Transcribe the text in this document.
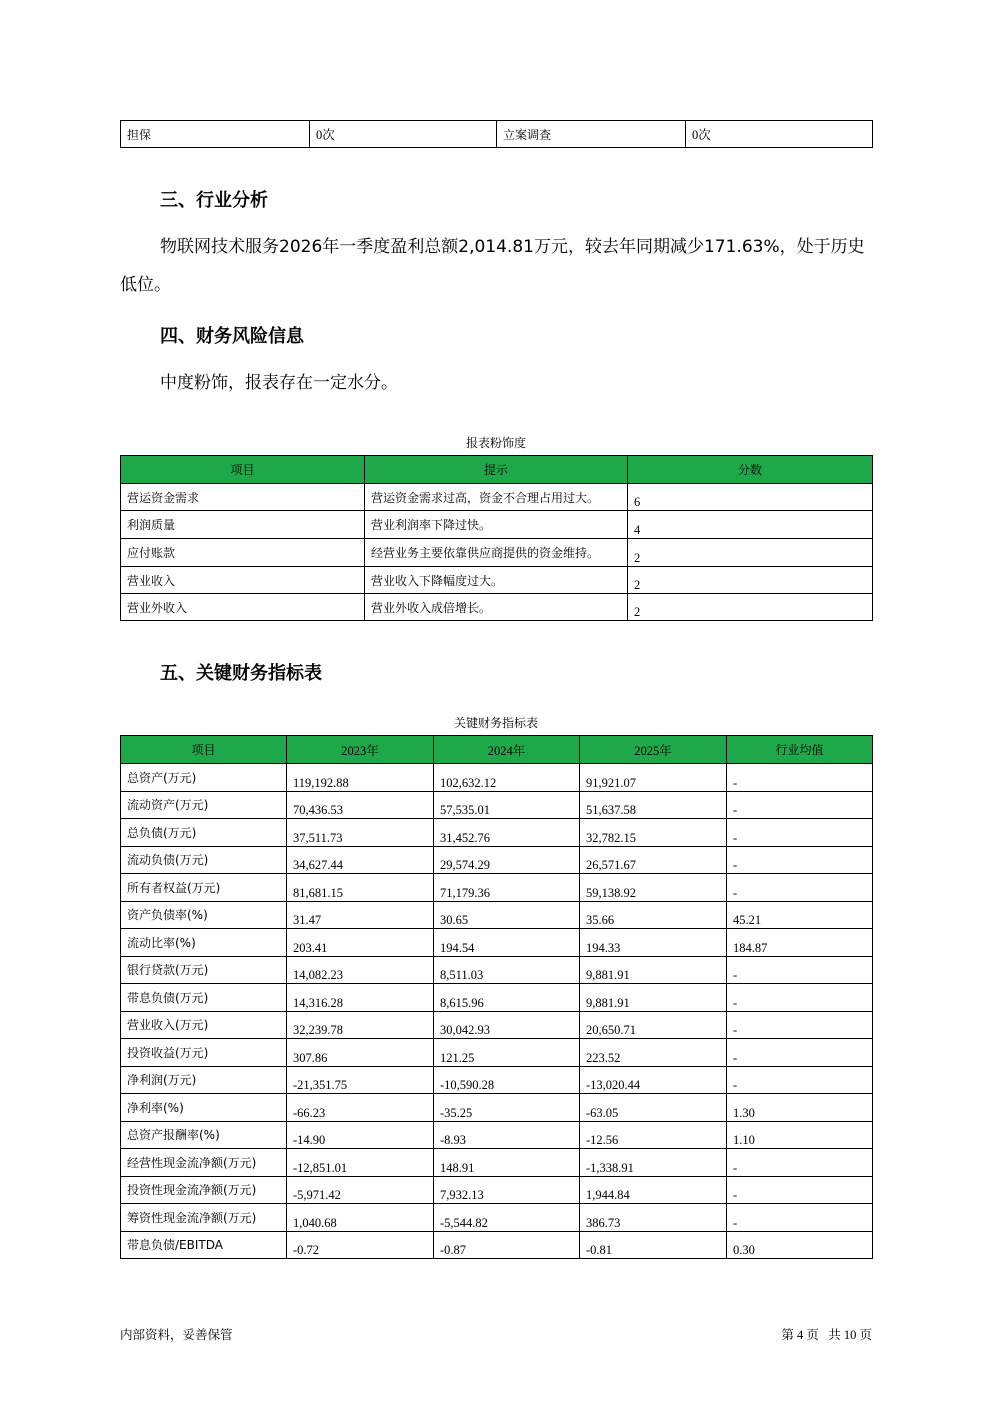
担保	0次	立案调查	0次
三、行业分析
物联网技术服务2026年一季度盈利总额2,014.81万元，较去年同期减少171.63%，处于历史低位。
四、财务风险信息
中度粉饰，报表存在一定水分。
报表粉饰度
项目	提示	分数
营运资金需求	营运资金需求过高，资金不合理占用过大。	6
利润质量	营业利润率下降过快。	4
应付账款	经营业务主要依靠供应商提供的资金维持。	2
营业收入	营业收入下降幅度过大。	2
营业外收入	营业外收入成倍增长。	2
五、关键财务指标表
关键财务指标表
项目	2023年	2024年	2025年	行业均值
总资产(万元)	119,192.88	102,632.12	91,921.07	-
流动资产(万元)	70,436.53	57,535.01	51,637.58	-
总负债(万元)	37,511.73	31,452.76	32,782.15	-
流动负债(万元)	34,627.44	29,574.29	26,571.67	-
所有者权益(万元)	81,681.15	71,179.36	59,138.92	-
资产负债率(%)	31.47	30.65	35.66	45.21
流动比率(%)	203.41	194.54	194.33	184.87
银行贷款(万元)	14,082.23	8,511.03	9,881.91	-
带息负债(万元)	14,316.28	8,615.96	9,881.91	-
营业收入(万元)	32,239.78	30,042.93	20,650.71	-
投资收益(万元)	307.86	121.25	223.52	-
净利润(万元)	-21,351.75	-10,590.28	-13,020.44	-
净利率(%)	-66.23	-35.25	-63.05	1.30
总资产报酬率(%)	-14.90	-8.93	-12.56	1.10
经营性现金流净额(万元)	-12,851.01	148.91	-1,338.91	-
投资性现金流净额(万元)	-5,971.42	7,932.13	1,944.84	-
筹资性现金流净额(万元)	1,040.68	-5,544.82	386.73	-
带息负债/EBITDA	-0.72	-0.87	-0.81	0.30
内部资料，妥善保管	第 4 页   共 10 页
